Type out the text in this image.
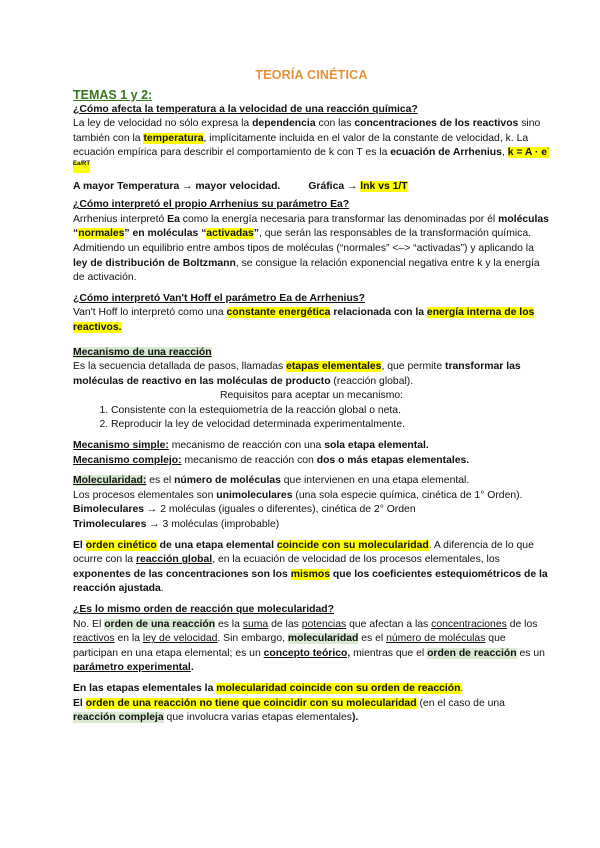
TEORÍA CINÉTICA

TEMAS 1 y 2:

¿Cómo afecta la temperatura a la velocidad de una reacción química?

La ley de velocidad no sólo expresa la dependencia con las concentraciones de los reactivos sino también con la temperatura, implícitamente incluida en el valor de la constante de velocidad, k. La ecuación empírica para describir el comportamiento de k con T es la ecuación de Arrhenius, $k = A \cdot e^{- Ea/RT}$

A mayor Temperatura → mayor velocidad.	Gráfica → lnk vs 1/T

¿Cómo interpretó el propio Arrhenius su parámetro Ea?

Arrhenius interpretó Ea como la energía necesaria para transformar las denominadas por él moléculas “normales” en moléculas “activadas”, que serán las responsables de la transformación química. Admitiendo un equilibrio entre ambos tipos de moléculas (“normales” <–> “activadas”) y aplicando la ley de distribución de Boltzmann, se consigue la relación exponencial negativa entre k y la energía de activación.

¿Cómo interpretó Van't Hoff el parámetro Ea de Arrhenius?

Van't Hoff lo interpretó como una constante energética relacionada con la energía interna de los reactivos.

Mecanismo de una reacción

Es la secuencia detallada de pasos, llamadas etapas elementales, que permite transformar las moléculas de reactivo en las moléculas de producto (reacción global).

Requisitos para aceptar un mecanismo:

1. Consistente con la estequiometría de la reacción global o neta.
2. Reproducir la ley de velocidad determinada experimentalmente.

Mecanismo simple: mecanismo de reacción con una sola etapa elemental.

Mecanismo complejo: mecanismo de reacción con dos o más etapas elementales.

Molecularidad: es el número de moléculas que intervienen en una etapa elemental.

Los procesos elementales son unimoleculares (una sola especie química, cinética de 1° Orden).

Bimoleculares → 2 moléculas (iguales o diferentes), cinética de 2° Orden

Trimoleculares → 3 moléculas (improbable)

El orden cinético de una etapa elemental coincide con su molecularidad. A diferencia de lo que ocurre con la reacción global, en la ecuación de velocidad de los procesos elementales, los exponentes de las concentraciones son los mismos que los coeficientes estequiométricos de la reacción ajustada.

¿Es lo mismo orden de reacción que molecularidad?

No. El orden de una reacción es la suma de las potencias que afectan a las concentraciones de los reactivos en la ley de velocidad. Sin embargo, molecularidad es el número de moléculas que participan en una etapa elemental; es un concepto teórico, mientras que el orden de reacción es un parámetro experimental.

En las etapas elementales la molecularidad coincide con su orden de reacción.

El orden de una reacción no tiene que coincidir con su molecularidad (en el caso de una reacción compleja que involucra varias etapas elementales).
